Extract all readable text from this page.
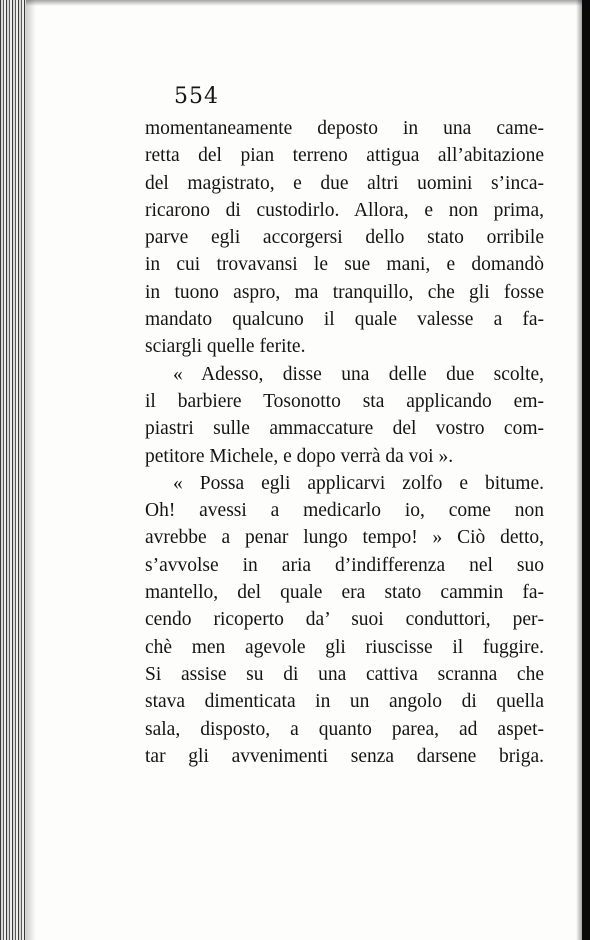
554
momentaneamente deposto in una came‑
retta del pian terreno attigua all’abitazione
del magistrato, e due altri uomini s’inca‑
ricarono di custodirlo. Allora, e non prima,
parve egli accorgersi dello stato orribile
in cui trovavansi le sue mani, e domandò
in tuono aspro, ma tranquillo, che gli fosse
mandato qualcuno il quale valesse a fa‑
sciargli quelle ferite.
« Adesso, disse una delle due scolte,
il barbiere Tosonotto sta applicando em‑
piastri sulle ammaccature del vostro com‑
petitore Michele, e dopo verrà da voi ».
« Possa egli applicarvi zolfo e bitume.
Oh! avessi a medicarlo io, come non
avrebbe a penar lungo tempo! » Ciò detto,
s’avvolse in aria d’indifferenza nel suo
mantello, del quale era stato cammin fa‑
cendo ricoperto da’ suoi conduttori, per‑
chè men agevole gli riuscisse il fuggire.
Si assise su di una cattiva scranna che
stava dimenticata in un angolo di quella
sala, disposto, a quanto parea, ad aspet‑
tar gli avvenimenti senza darsene briga.
